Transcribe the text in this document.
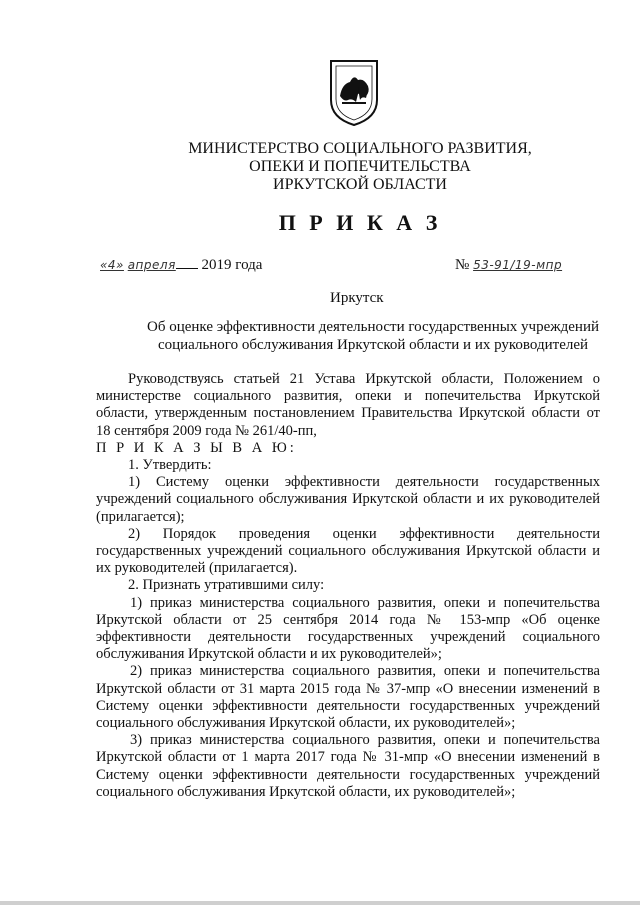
МИНИСТЕРСТВО СОЦИАЛЬНОГО РАЗВИТИЯ,
ОПЕКИ И ПОПЕЧИТЕЛЬСТВА
ИРКУТСКОЙ ОБЛАСТИ
П Р И К А З
«4» апреля 2019 года	№ 53-91/19-мпр
Иркутск
Об оценке эффективности деятельности государственных учреждений
социального обслуживания Иркутской области и их руководителей

Руководствуясь статьей 21 Устава Иркутской области, Положением о министерстве социального развития, опеки и попечительства Иркутской области, утвержденным постановлением Правительства Иркутской области от 18 сентября 2009 года № 261/40-пп,

П Р И К А З Ы В А Ю:

1. Утвердить:

1) Систему оценки эффективности деятельности государственных учреждений социального обслуживания Иркутской области и их руководителей (прилагается);

2) Порядок проведения оценки эффективности деятельности государственных учреждений социального обслуживания Иркутской области и их руководителей (прилагается).

2. Признать утратившими силу:

1) приказ министерства социального развития, опеки и попечительства Иркутской области от 25 сентября 2014 года № 153-мпр «Об оценке эффективности деятельности государственных учреждений социального обслуживания Иркутской области и их руководителей»;

2) приказ министерства социального развития, опеки и попечительства Иркутской области от 31 марта 2015 года № 37-мпр «О внесении изменений в Систему оценки эффективности деятельности государственных учреждений социального обслуживания Иркутской области, их руководителей»;

3) приказ министерства социального развития, опеки и попечительства Иркутской области от 1 марта 2017 года № 31-мпр «О внесении изменений в Систему оценки эффективности деятельности государственных учреждений социального обслуживания Иркутской области, их руководителей»;
